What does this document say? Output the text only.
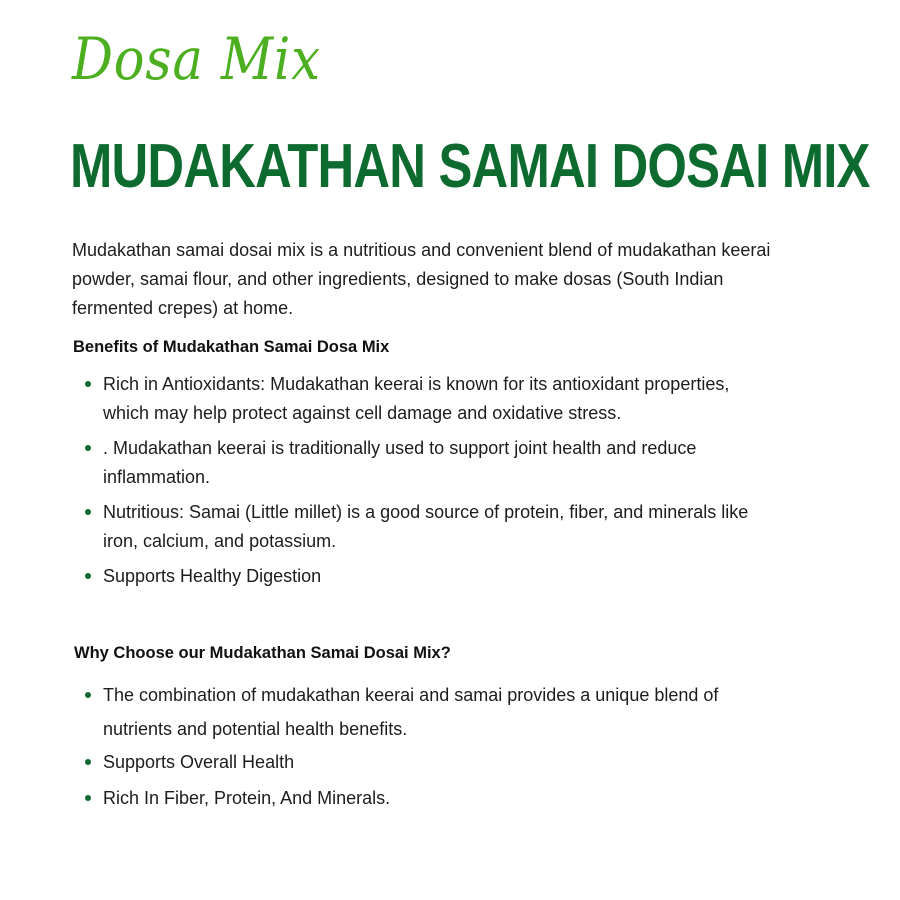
Dosa Mix
MUDAKATHAN SAMAI DOSAI MIX

Mudakathan samai dosai mix is a nutritious and convenient blend of mudakathan keerai powder, samai flour, and other ingredients, designed to make dosas (South Indian fermented crepes) at home.

Benefits of Mudakathan Samai Dosa Mix
Rich in Antioxidants: Mudakathan keerai is known for its antioxidant properties, which may help protect against cell damage and oxidative stress.
. Mudakathan keerai is traditionally used to support joint health and reduce inflammation.
Nutritious: Samai (Little millet) is a good source of protein, fiber, and minerals like iron, calcium, and potassium.
Supports Healthy Digestion
Why Choose our Mudakathan Samai Dosai Mix?
The combination of mudakathan keerai and samai provides a unique blend of nutrients and potential health benefits.
Supports Overall Health
Rich In Fiber, Protein, And Minerals.
